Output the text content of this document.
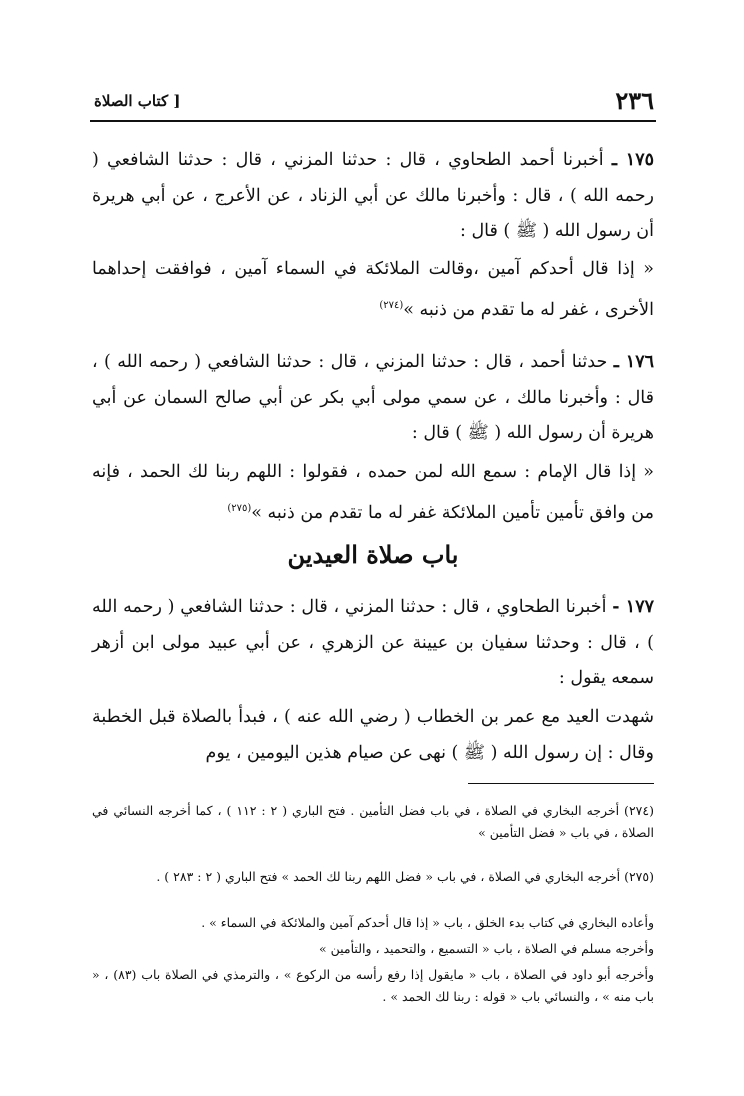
٢٣٦
[ كتاب الصلاة
١٧٥ ـ أخبرنا أحمد الطحاوي ، قال : حدثنا المزني ، قال : حدثنا الشافعي ( رحمه الله ) ، قال : وأخبرنا مالك عن أبي الزناد ، عن الأعرج ، عن أبي هريرة أن رسول الله ( ﷺ ) قال :
« إذا قال أحدكم آمين ،وقالت الملائكة في السماء آمين ، فوافقت إحداهما الأخرى ، غفر له ما تقدم من ذنبه »$^{(٢٧٤)}$
١٧٦ ـ حدثنا أحمد ، قال : حدثنا المزني ، قال : حدثنا الشافعي ( رحمه الله ) ، قال : وأخبرنا مالك ، عن سمي مولى أبي بكر عن أبي صالح السمان عن أبي هريرة أن رسول الله ( ﷺ ) قال :
« إذا قال الإمام : سمع الله لمن حمده ، فقولوا : اللهم ربنا لك الحمد ، فإنه من وافق تأمين تأمين الملائكة غفر له ما تقدم من ذنبه »$^{(٢٧٥)}$
باب صلاة العيدين
١٧٧ - أخبرنا الطحاوي ، قال : حدثنا المزني ، قال : حدثنا الشافعي ( رحمه الله ) ، قال : وحدثنا سفيان بن عيينة عن الزهري ، عن أبي عبيد مولى ابن أزهر سمعه يقول :
شهدت العيد مع عمر بن الخطاب ( رضي الله عنه ) ، فبدأ بالصلاة قبل الخطبة وقال : إن رسول الله ( ﷺ ) نهى عن صيام هذين اليومين ، يوم
(٢٧٤) أخرجه البخاري في الصلاة ، في باب فضل التأمين . فتح الباري ( ٢ : ١١٢ ) ، كما أخرجه النسائي في الصلاة ، في باب « فضل التأمين »
(٢٧٥) أخرجه البخاري في الصلاة ، في باب « فضل اللهم ربنا لك الحمد » فتح الباري ( ٢ : ٢٨٣ ) .
وأعاده البخاري في كتاب بدء الخلق ، باب « إذا قال أحدكم آمين والملائكة في السماء » .
وأخرجه مسلم في الصلاة ، باب « التسميع ، والتحميد ، والتأمين »
وأخرجه أبو داود في الصلاة ، باب « مايقول إذا رفع رأسه من الركوع » ، والترمذي في الصلاة باب (٨٣) ، « باب منه » ، والنسائي باب « قوله : ربنا لك الحمد » .
